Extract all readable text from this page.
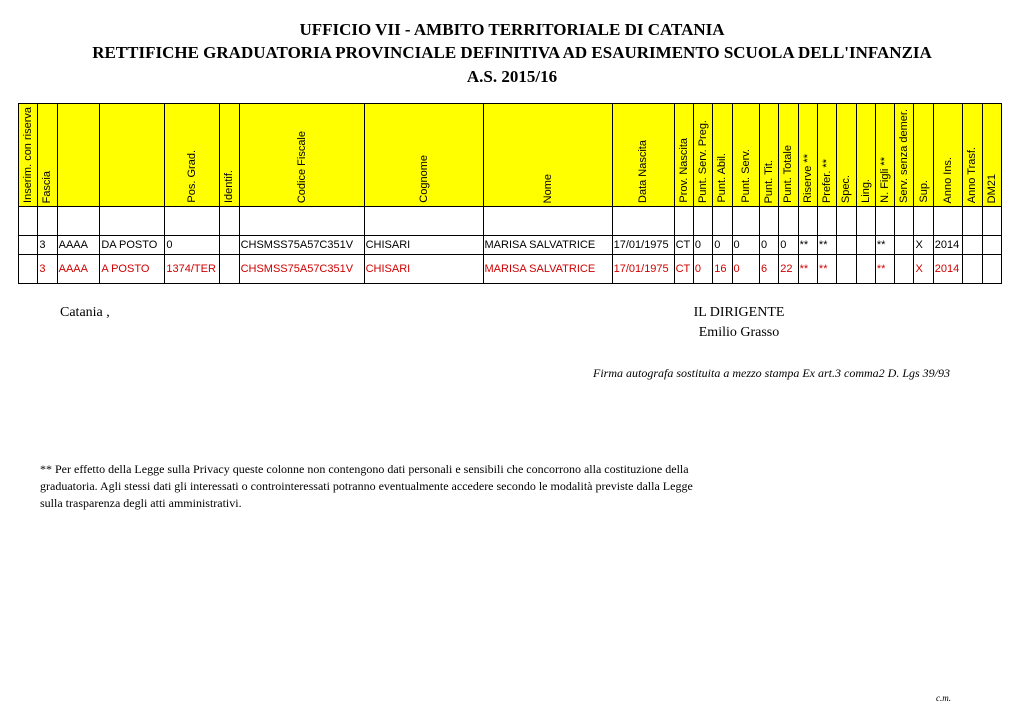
UFFICIO VII - AMBITO TERRITORIALE DI CATANIA
RETTIFICHE GRADUATORIA PROVINCIALE DEFINITIVA AD ESAURIMENTO SCUOLA DELL'INFANZIA
A.S. 2015/16
Inserim. con riserva	Fascia			Pos. Grad.	Identif.	Codice Fiscale	Cognome	Nome	Data Nascita	Prov. Nascita	Punt. Serv. Preg.	Punt. Abil.	Punt. Serv.	Punt. Tit.	Punt. Totale	Riserve **	Prefer. **	Spec.	Ling.	N. Figli **	Serv. senza demer.	Sup.	Anno Ins.	Anno Trasf.	DM21

	3	AAAA	DA POSTO	0		CHSMSS75A57C351V	CHISARI	MARISA SALVATRICE	17/01/1975	CT	0	0	0	0	0	**	**			**		X	2014		
	3	AAAA	A POSTO	1374/TER		CHSMSS75A57C351V	CHISARI	MARISA SALVATRICE	17/01/1975	CT	0	16	0	6	22	**	**			**		X	2014		
Catania ,	IL DIRIGENTE
Emilio Grasso
Firma autografa sostituita a mezzo stampa Ex art.3 comma2 D. Lgs 39/93
** Per effetto della Legge sulla Privacy queste colonne non contengono dati personali e sensibili che concorrono alla costituzione della graduatoria. Agli stessi dati gli interessati o controinteressati potranno eventualmente accedere secondo le modalità previste dalla Legge sulla trasparenza degli atti amministrativi.
c.m.
